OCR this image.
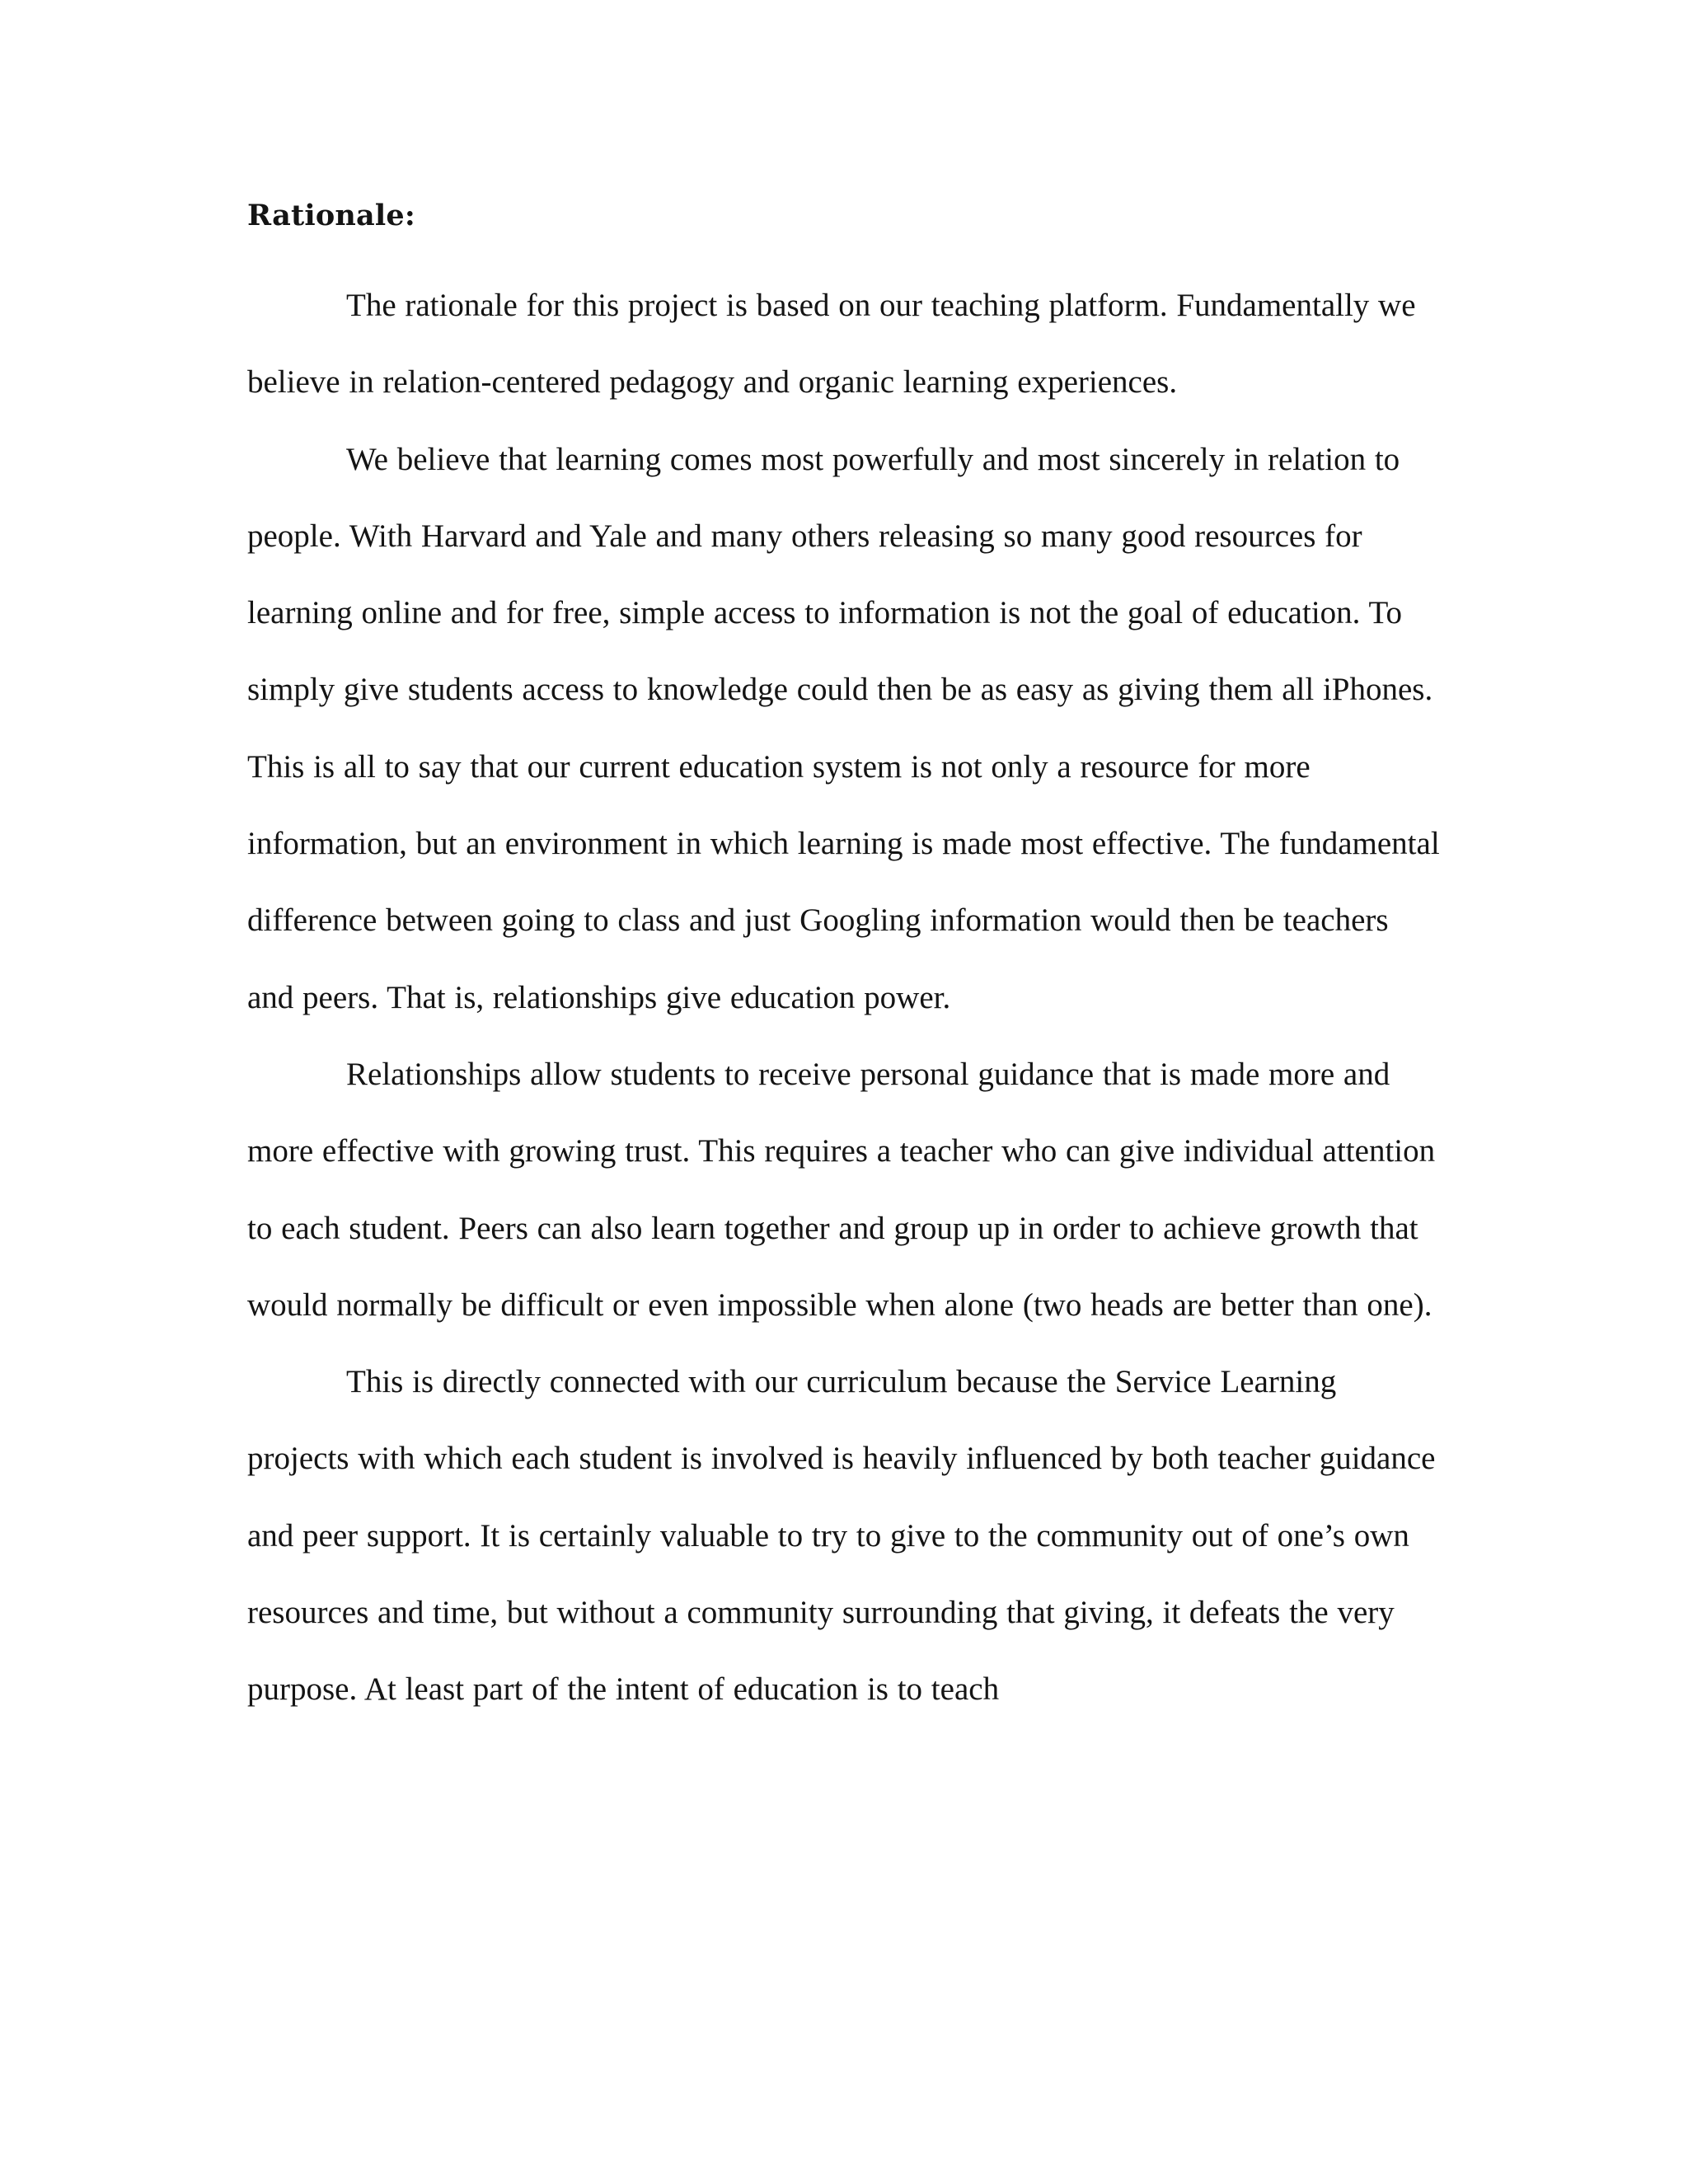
Rationale:

The rationale for this project is based on our teaching platform. Fundamentally we believe in relation-centered pedagogy and organic learning experiences.

We believe that learning comes most powerfully and most sincerely in relation to people. With Harvard and Yale and many others releasing so many good resources for learning online and for free, simple access to information is not the goal of education. To simply give students access to knowledge could then be as easy as giving them all iPhones. This is all to say that our current education system is not only a resource for more information, but an environment in which learning is made most effective. The fundamental difference between going to class and just Googling information would then be teachers and peers. That is, relationships give education power.

Relationships allow students to receive personal guidance that is made more and more effective with growing trust. This requires a teacher who can give individual attention to each student. Peers can also learn together and group up in order to achieve growth that would normally be difficult or even impossible when alone (two heads are better than one).

This is directly connected with our curriculum because the Service Learning projects with which each student is involved is heavily influenced by both teacher guidance and peer support. It is certainly valuable to try to give to the community out of one’s own resources and time, but without a community surrounding that giving, it defeats the very purpose. At least part of the intent of education is to teach
